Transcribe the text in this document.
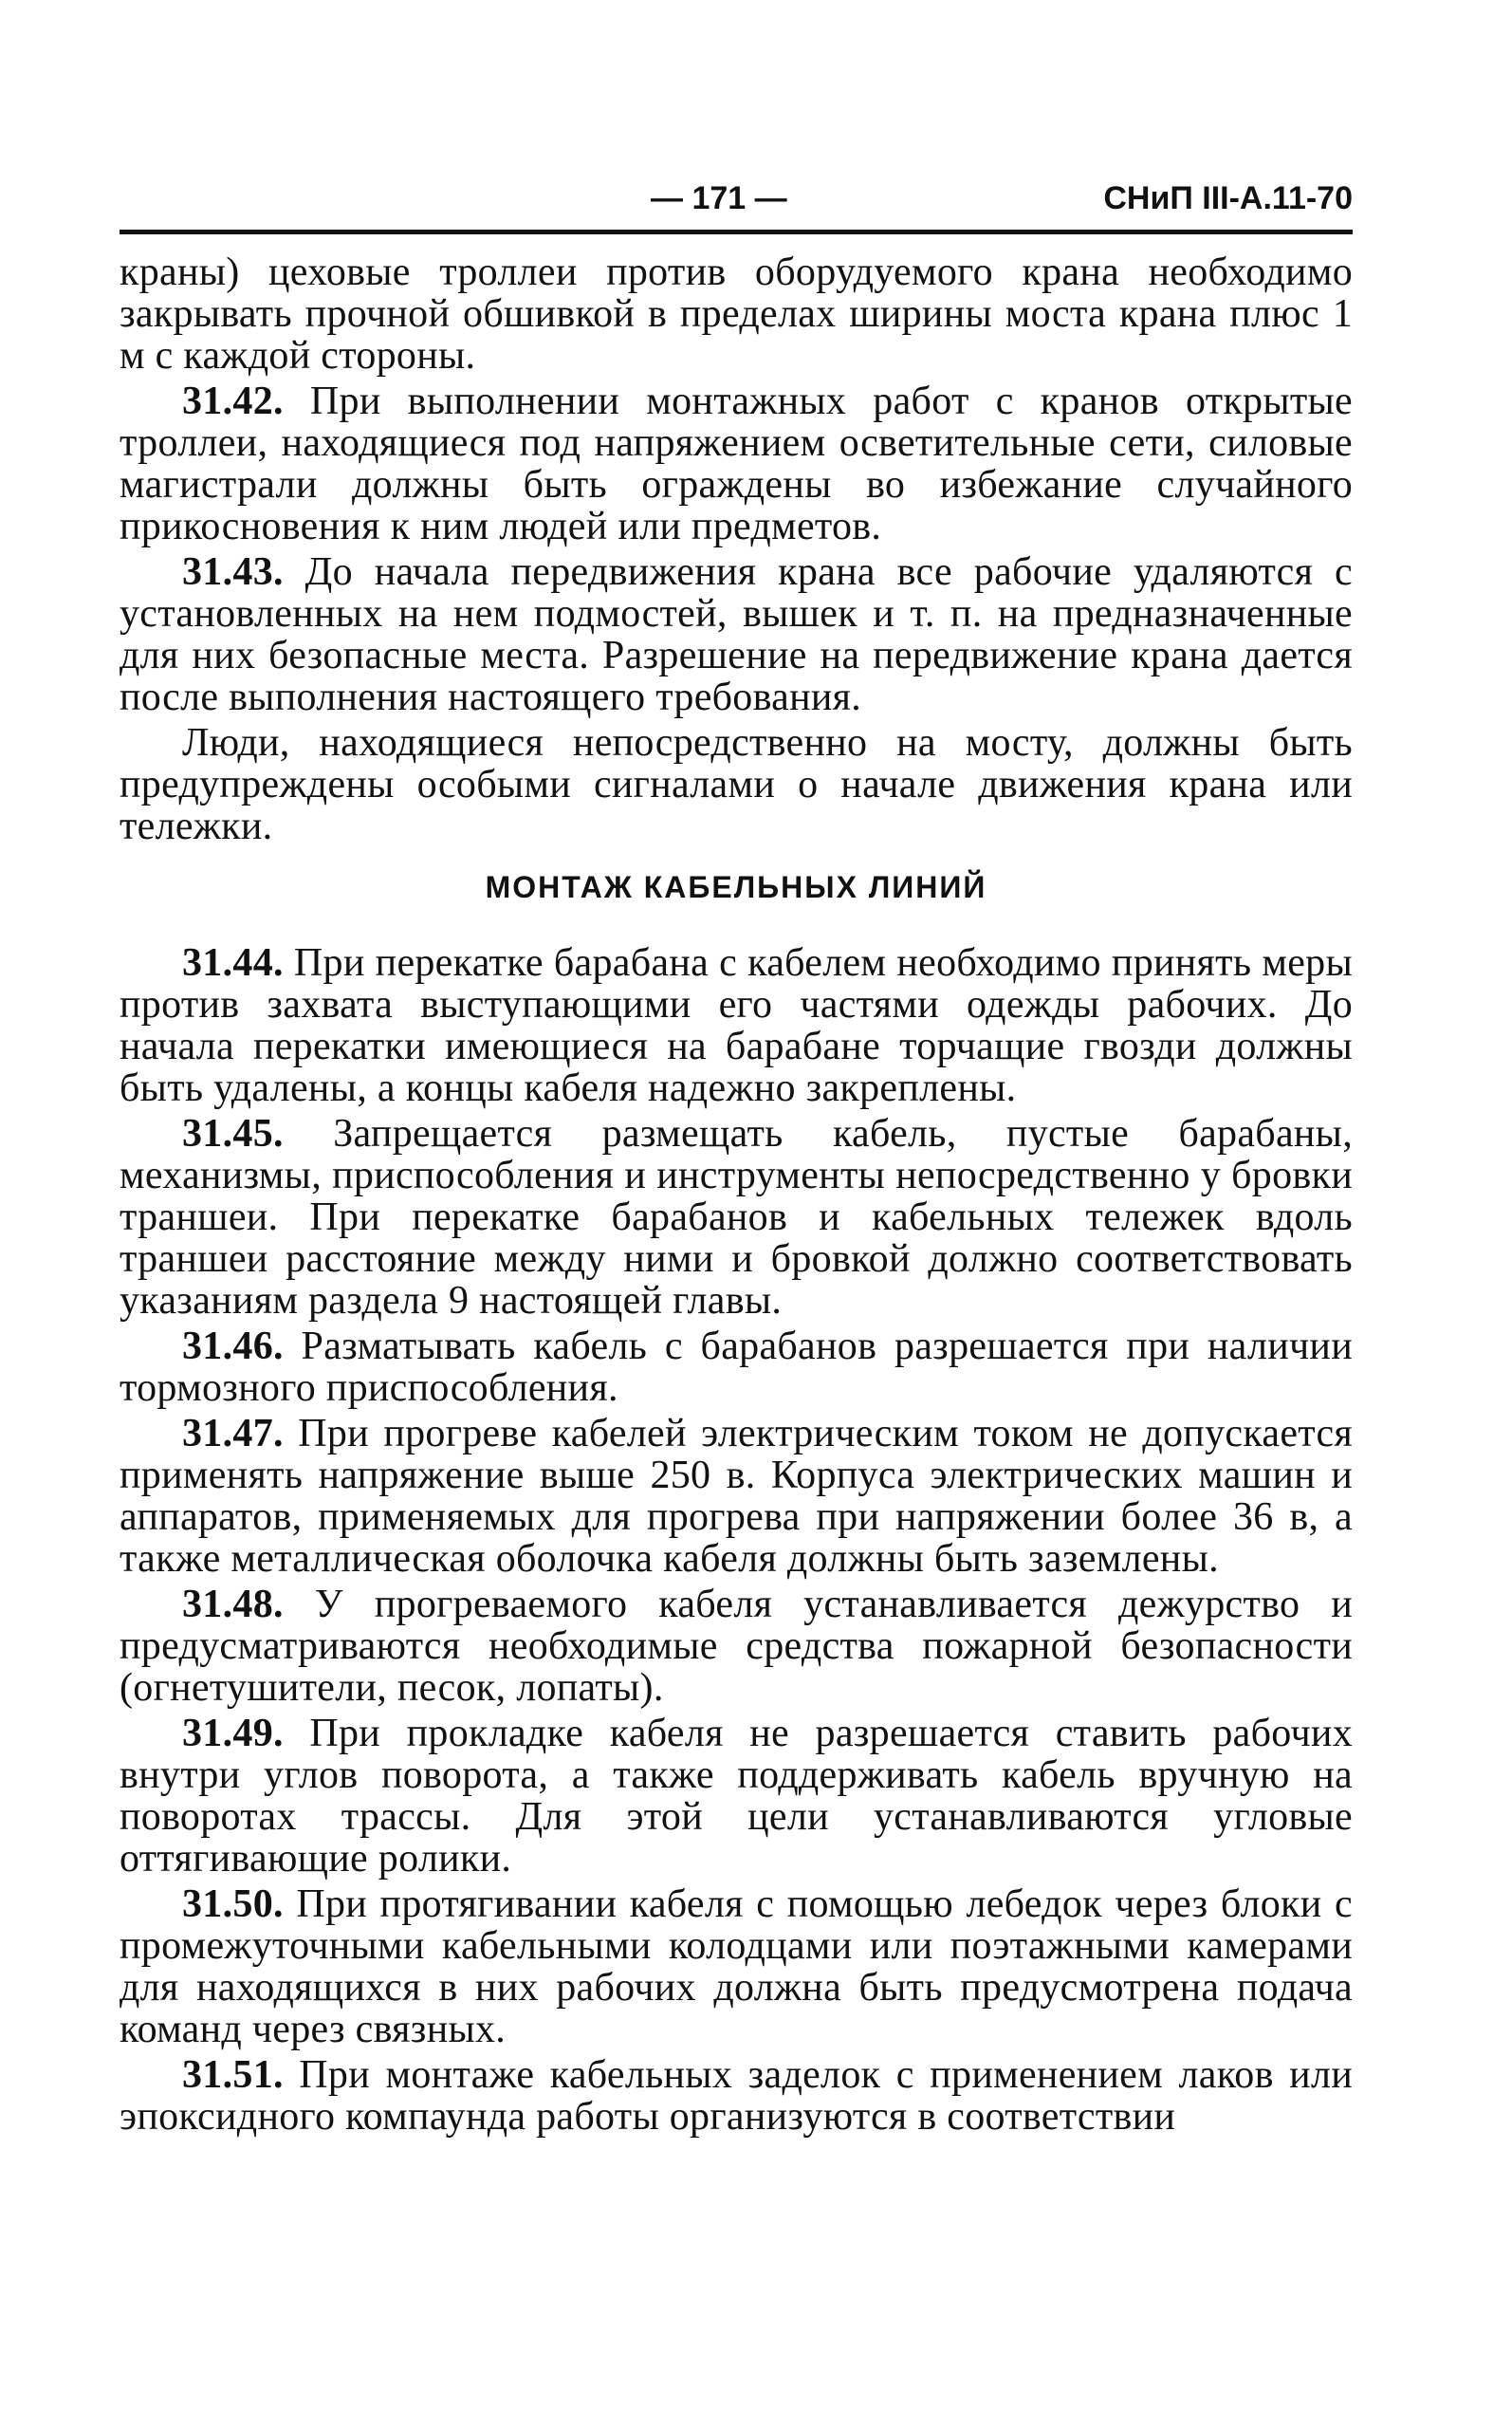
— 171 —	СНиП III-А.11-70

краны) цеховые троллеи против оборудуемого крана необходимо закрывать прочной обшивкой в пределах ширины моста крана плюс 1 м с каждой стороны.

31.42. При выполнении монтажных работ с кранов открытые троллеи, находящиеся под напряжением осветительные сети, силовые магистрали должны быть ограждены во избежание случайного прикосновения к ним людей или предметов.

31.43. До начала передвижения крана все рабочие удаляются с установленных на нем подмостей, вышек и т. п. на предназначенные для них безопасные места. Разрешение на передвижение крана дается после выполнения настоящего требования.

Люди, находящиеся непосредственно на мосту, должны быть предупреждены особыми сигналами о начале движения крана или тележки.

МОНТАЖ КАБЕЛЬНЫХ ЛИНИЙ

31.44. При перекатке барабана с кабелем необходимо принять меры против захвата выступающими его частями одежды рабочих. До начала перекатки имеющиеся на барабане торчащие гвозди должны быть удалены, а концы кабеля надежно закреплены.

31.45. Запрещается размещать кабель, пустые барабаны, механизмы, приспособления и инструменты непосредственно у бровки траншеи. При перекатке барабанов и кабельных тележек вдоль траншеи расстояние между ними и бровкой должно соответствовать указаниям раздела 9 настоящей главы.

31.46. Разматывать кабель с барабанов разрешается при наличии тормозного приспособления.

31.47. При прогреве кабелей электрическим током не допускается применять напряжение выше 250 в. Корпуса электрических машин и аппаратов, применяемых для прогрева при напряжении более 36 в, а также металлическая оболочка кабеля должны быть заземлены.

31.48. У прогреваемого кабеля устанавливается дежурство и предусматриваются необходимые средства пожарной безопасности (огнетушители, песок, лопаты).

31.49. При прокладке кабеля не разрешается ставить рабочих внутри углов поворота, а также поддерживать кабель вручную на поворотах трассы. Для этой цели устанавливаются угловые оттягивающие ролики.

31.50. При протягивании кабеля с помощью лебедок через блоки с промежуточными кабельными колодцами или поэтажными камерами для находящихся в них рабочих должна быть предусмотрена подача команд через связных.

31.51. При монтаже кабельных заделок с применением лаков или эпоксидного компаунда работы организуются в соответствии
